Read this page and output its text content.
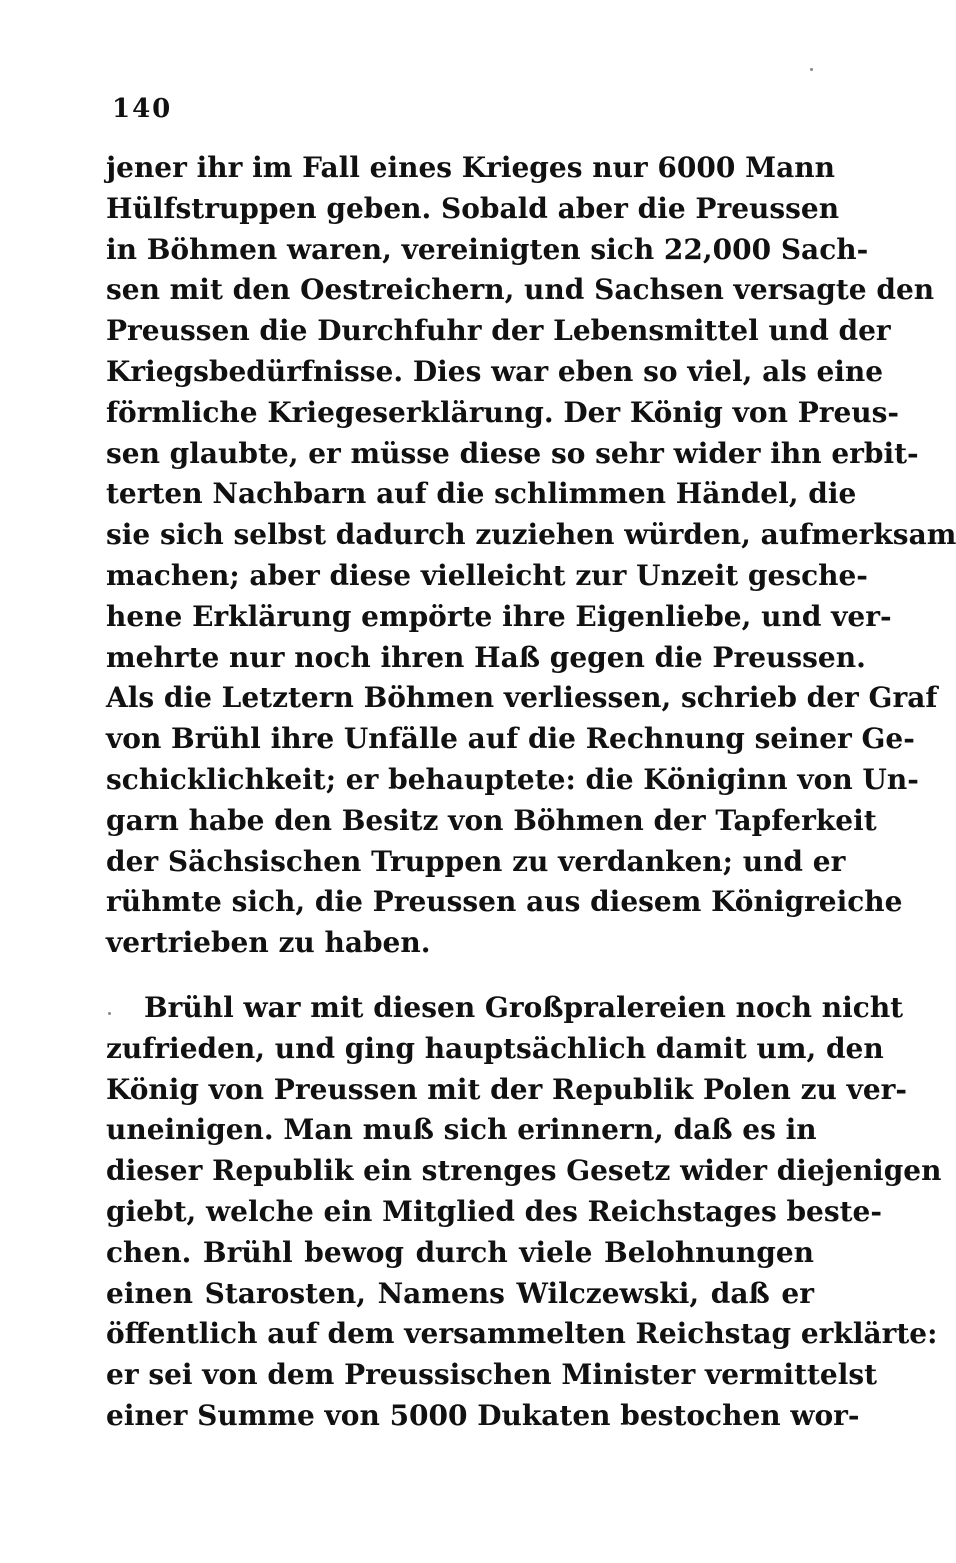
140
jener ihr im Fall eines Krieges nur 6000 Mann
Hülfstruppen geben. Sobald aber die Preussen
in Böhmen waren, vereinigten sich 22,000 Sach-
sen mit den Oestreichern, und Sachsen versagte den
Preussen die Durchfuhr der Lebensmittel und der
Kriegsbedürfnisse. Dies war eben so viel, als eine
förmliche Kriegeserklärung. Der König von Preus-
sen glaubte, er müsse diese so sehr wider ihn erbit-
terten Nachbarn auf die schlimmen Händel, die
sie sich selbst dadurch zuziehen würden, aufmerksam
machen; aber diese vielleicht zur Unzeit gesche-
hene Erklärung empörte ihre Eigenliebe, und ver-
mehrte nur noch ihren Haß gegen die Preussen.
Als die Letztern Böhmen verliessen, schrieb der Graf
von Brühl ihre Unfälle auf die Rechnung seiner Ge-
schicklichkeit; er behauptete: die Königinn von Un-
garn habe den Besitz von Böhmen der Tapferkeit
der Sächsischen Truppen zu verdanken; und er
rühmte sich, die Preussen aus diesem Königreiche
vertrieben zu haben.
Brühl war mit diesen Großpralereien noch nicht
zufrieden, und ging hauptsächlich damit um, den
König von Preussen mit der Republik Polen zu ver-
uneinigen. Man muß sich erinnern, daß es in
dieser Republik ein strenges Gesetz wider diejenigen
giebt, welche ein Mitglied des Reichstages beste-
chen. Brühl bewog durch viele Belohnungen
einen Starosten, Namens Wilczewski, daß er
öffentlich auf dem versammelten Reichstag erklärte:
er sei von dem Preussischen Minister vermittelst
einer Summe von 5000 Dukaten bestochen wor-
